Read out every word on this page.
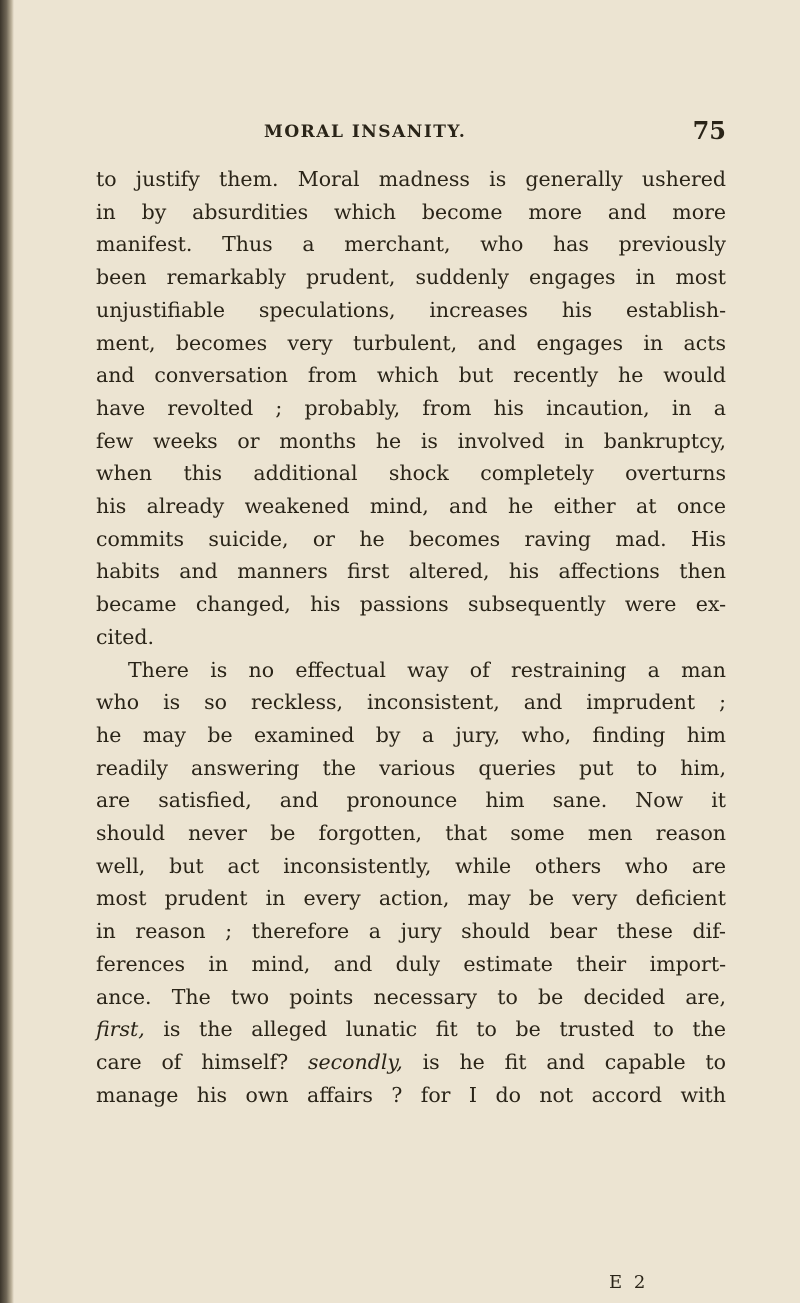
MORAL INSANITY.	75
to justify them. Moral madness is generally ushered
in by absurdities which become more and more
manifest. Thus a merchant, who has previously
been remarkably prudent, suddenly engages in most
unjustifiable speculations, increases his establish-
ment, becomes very turbulent, and engages in acts
and conversation from which but recently he would
have revolted ; probably, from his incaution, in a
few weeks or months he is involved in bankruptcy,
when this additional shock completely overturns
his already weakened mind, and he either at once
commits suicide, or he becomes raving mad. His
habits and manners first altered, his affections then
became changed, his passions subsequently were ex-
cited.
There is no effectual way of restraining a man
who is so reckless, inconsistent, and imprudent ;
he may be examined by a jury, who, finding him
readily answering the various queries put to him,
are satisfied, and pronounce him sane. Now it
should never be forgotten, that some men reason
well, but act inconsistently, while others who are
most prudent in every action, may be very deficient
in reason ; therefore a jury should bear these dif-
ferences in mind, and duly estimate their import-
ance. The two points necessary to be decided are,
first, is the alleged lunatic fit to be trusted to the
care of himself? secondly, is he fit and capable to
manage his own affairs ? for I do not accord with
E 2
